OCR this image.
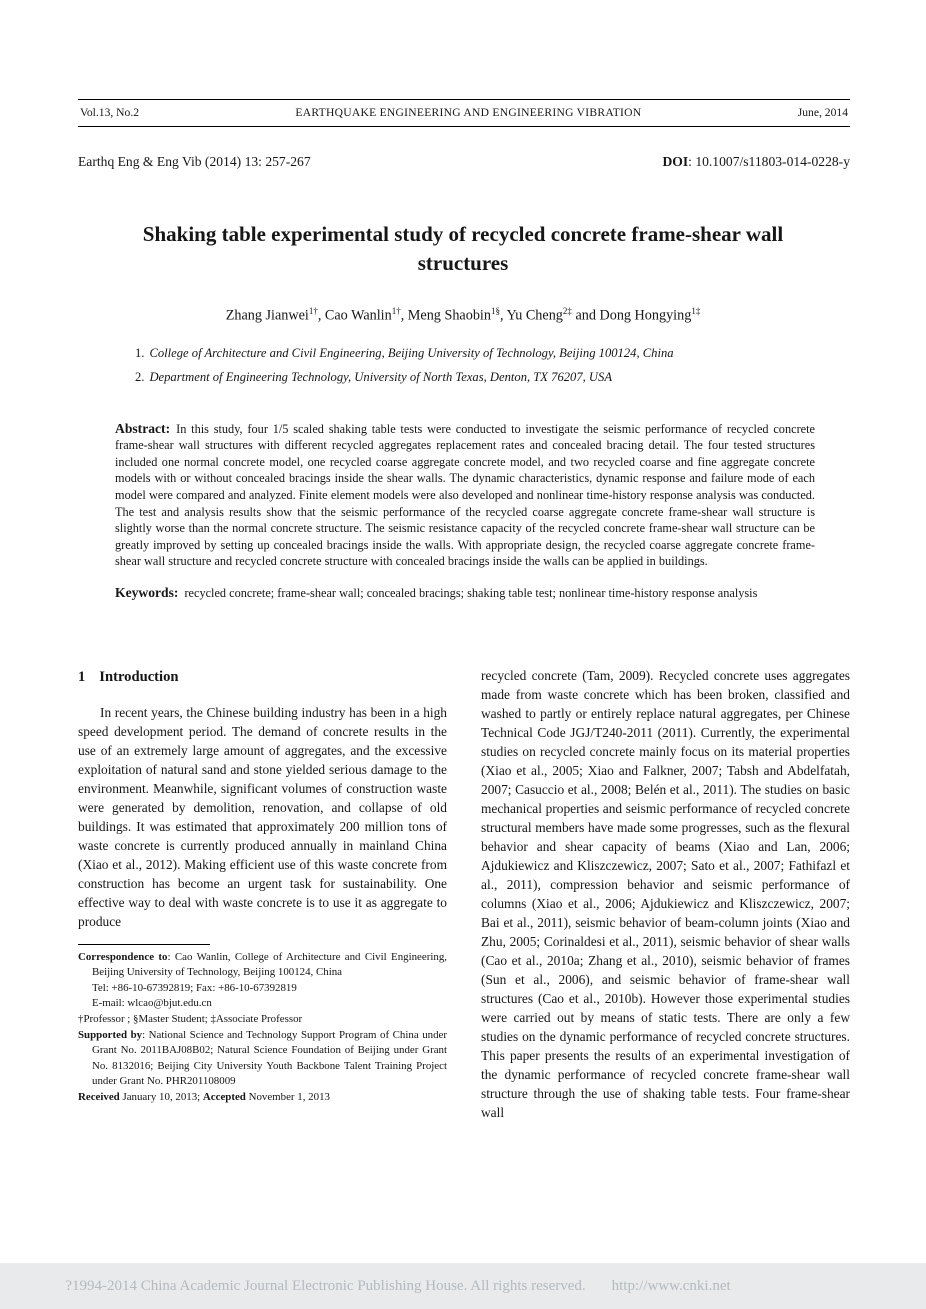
Vol.13, No.2	EARTHQUAKE ENGINEERING AND ENGINEERING VIBRATION	June, 2014
Earthq Eng & Eng Vib (2014) 13: 257-267	DOI: 10.1007/s11803-014-0228-y
Shaking table experimental study of recycled concrete frame-shear wall structures
Zhang Jianwei$^{1\dagger}$, Cao Wanlin$^{1\dagger}$, Meng Shaobin$^{1\S}$, Yu Cheng$^{2\ddagger}$ and Dong Hongying$^{1\ddagger}$
1. College of Architecture and Civil Engineering, Beijing University of Technology, Beijing 100124, China
2. Department of Engineering Technology, University of North Texas, Denton, TX 76207, USA
Abstract: In this study, four 1/5 scaled shaking table tests were conducted to investigate the seismic performance of recycled concrete frame-shear wall structures with different recycled aggregates replacement rates and concealed bracing detail. The four tested structures included one normal concrete model, one recycled coarse aggregate concrete model, and two recycled coarse and fine aggregate concrete models with or without concealed bracings inside the shear walls. The dynamic characteristics, dynamic response and failure mode of each model were compared and analyzed. Finite element models were also developed and nonlinear time-history response analysis was conducted. The test and analysis results show that the seismic performance of the recycled coarse aggregate concrete frame-shear wall structure is slightly worse than the normal concrete structure. The seismic resistance capacity of the recycled concrete frame-shear wall structure can be greatly improved by setting up concealed bracings inside the walls. With appropriate design, the recycled coarse aggregate concrete frame-shear wall structure and recycled concrete structure with concealed bracings inside the walls can be applied in buildings.
Keywords: recycled concrete; frame-shear wall; concealed bracings; shaking table test; nonlinear time-history response analysis
1 Introduction

In recent years, the Chinese building industry has been in a high speed development period. The demand of concrete results in the use of an extremely large amount of aggregates, and the excessive exploitation of natural sand and stone yielded serious damage to the environment. Meanwhile, significant volumes of construction waste were generated by demolition, renovation, and collapse of old buildings. It was estimated that approximately 200 million tons of waste concrete is currently produced annually in mainland China (Xiao et al., 2012). Making efficient use of this waste concrete from construction has become an urgent task for sustainability. One effective way to deal with waste concrete is to use it as aggregate to produce

Correspondence to: Cao Wanlin, College of Architecture and Civil Engineering, Beijing University of Technology, Beijing 100124, China

Tel: +86-10-67392819; Fax: +86-10-67392819

E-mail: wlcao@bjut.edu.cn

†Professor ; §Master Student; ‡Associate Professor

Supported by: National Science and Technology Support Program of China under Grant No. 2011BAJ08B02; Natural Science Foundation of Beijing under Grant No. 8132016; Beijing City University Youth Backbone Talent Training Project under Grant No. PHR201108009

Received January 10, 2013; Accepted November 1, 2013

recycled concrete (Tam, 2009). Recycled concrete uses aggregates made from waste concrete which has been broken, classified and washed to partly or entirely replace natural aggregates, per Chinese Technical Code JGJ/T240-2011 (2011). Currently, the experimental studies on recycled concrete mainly focus on its material properties (Xiao et al., 2005; Xiao and Falkner, 2007; Tabsh and Abdelfatah, 2007; Casuccio et al., 2008; Belén et al., 2011). The studies on basic mechanical properties and seismic performance of recycled concrete structural members have made some progresses, such as the flexural behavior and shear capacity of beams (Xiao and Lan, 2006; Ajdukiewicz and Kliszczewicz, 2007; Sato et al., 2007; Fathifazl et al., 2011), compression behavior and seismic performance of columns (Xiao et al., 2006; Ajdukiewicz and Kliszczewicz, 2007; Bai et al., 2011), seismic behavior of beam-column joints (Xiao and Zhu, 2005; Corinaldesi et al., 2011), seismic behavior of shear walls (Cao et al., 2010a; Zhang et al., 2010), seismic behavior of frames (Sun et al., 2006), and seismic behavior of frame-shear wall structures (Cao et al., 2010b). However those experimental studies were carried out by means of static tests. There are only a few studies on the dynamic performance of recycled concrete structures. This paper presents the results of an experimental investigation of the dynamic performance of recycled concrete frame-shear wall structure through the use of shaking table tests. Four frame-shear wall

?1994-2014 China Academic Journal Electronic Publishing House. All rights reserved. http://www.cnki.net
